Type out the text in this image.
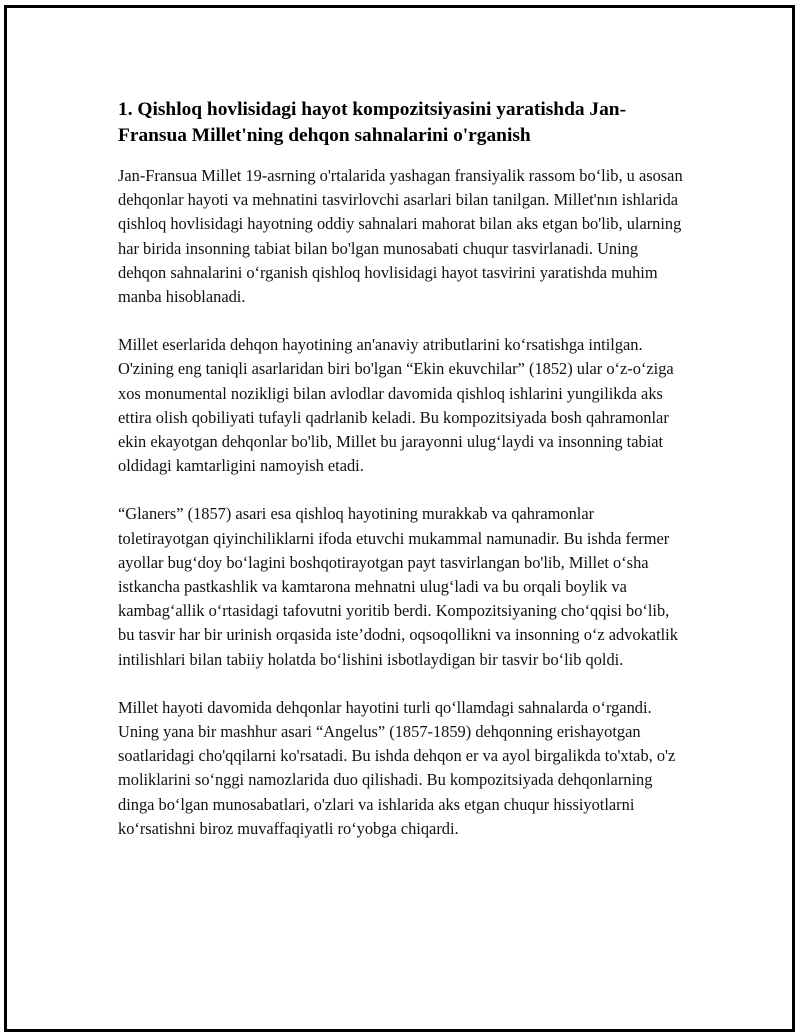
1. Qishloq hovlisidagi hayot kompozitsiyasini yaratishda Jan-Fransua Millet'ning dehqon sahnalarini o'rganish

Jan-Fransua Millet 19-asrning o'rtalarida yashagan fransiyalik rassom bo‘lib, u asosan dehqonlar hayoti va mehnatini tasvirlovchi asarlari bilan tanilgan. Millet'nın ishlarida qishloq hovlisidagi hayotning oddiy sahnalari mahorat bilan aks etgan bo'lib, ularning har birida insonning tabiat bilan bo'lgan munosabati chuqur tasvirlanadi. Uning dehqon sahnalarini o‘rganish qishloq hovlisidagi hayot tasvirini yaratishda muhim manba hisoblanadi.

Millet eserlarida dehqon hayotining an'anaviy atributlarini ko‘rsatishga intilgan. O'zining eng taniqli asarlaridan biri bo'lgan “Ekin ekuvchilar” (1852) ular o‘z-o‘ziga xos monumental nozikligi bilan avlodlar davomida qishloq ishlarini yungilikda aks ettira olish qobiliyati tufayli qadrlanib keladi. Bu kompozitsiyada bosh qahramonlar ekin ekayotgan dehqonlar bo'lib, Millet bu jarayonni ulug‘laydi va insonning tabiat oldidagi kamtarligini namoyish etadi.

“Glaners” (1857) asari esa qishloq hayotining murakkab va qahramonlar toletirayotgan qiyinchiliklarni ifoda etuvchi mukammal namunadir. Bu ishda fermer ayollar bug‘doy bo‘lagini boshqotirayotgan payt tasvirlangan bo'lib, Millet o‘sha istkancha pastkashlik va kamtarona mehnatni ulug‘ladi va bu orqali boylik va kambag‘allik o‘rtasidagi tafovutni yoritib berdi. Kompozitsiyaning cho‘qqisi bo‘lib, bu tasvir har bir urinish orqasida iste’dodni, oqsoqollikni va insonning o‘z advokatlik intilishlari bilan tabiiy holatda bo‘lishini isbotlaydigan bir tasvir bo‘lib qoldi.

Millet hayoti davomida dehqonlar hayotini turli qo‘llamdagi sahnalarda o‘rgandi. Uning yana bir mashhur asari “Angelus” (1857-1859) dehqonning erishayotgan soatlaridagi cho'qqilarni ko'rsatadi. Bu ishda dehqon er va ayol birgalikda to'xtab, o'z moliklarini so‘nggi namozlarida duo qilishadi. Bu kompozitsiyada dehqonlarning dinga bo‘lgan munosabatlari, o'zlari va ishlarida aks etgan chuqur hissiyotlarni ko‘rsatishni biroz muvaffaqiyatli ro‘yobga chiqardi.
